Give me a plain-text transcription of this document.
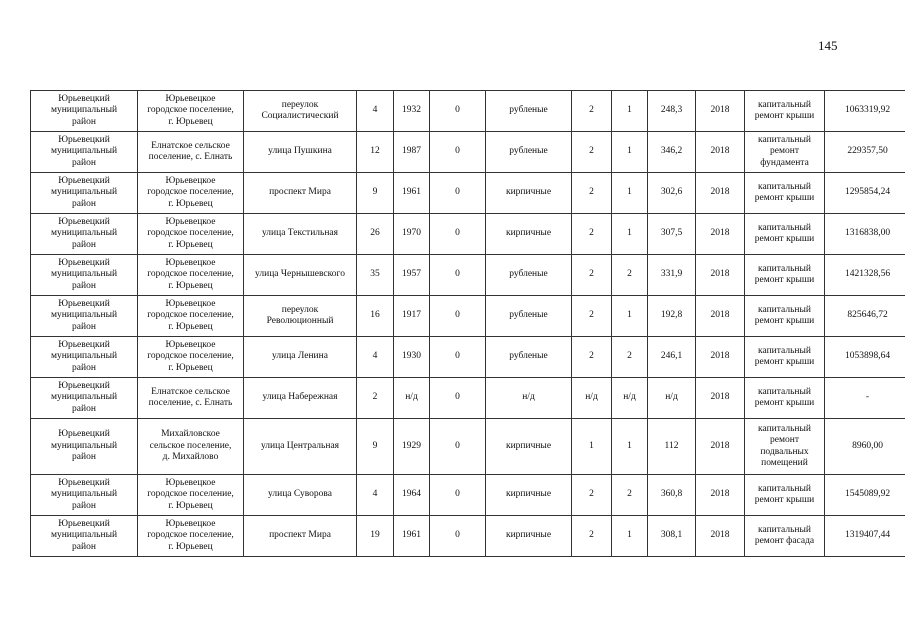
145
Юрьевецкий
муниципальный
район	Юрьевецкое
городское поселение,
г. Юрьевец	переулок
Социалистический	4	1932	0	рубленые	2	1	248,3	2018	капитальный
ремонт крыши	1063319,92

Юрьевецкий
муниципальный
район	Елнатское сельское
поселение, с. Елнать	улица Пушкина	12	1987	0	рубленые	2	1	346,2	2018	капитальный
ремонт
фундамента	229357,50

Юрьевецкий
муниципальный
район	Юрьевецкое
городское поселение,
г. Юрьевец	проспект Мира	9	1961	0	кирпичные	2	1	302,6	2018	капитальный
ремонт крыши	1295854,24

Юрьевецкий
муниципальный
район	Юрьевецкое
городское поселение,
г. Юрьевец	улица Текстильная	26	1970	0	кирпичные	2	1	307,5	2018	капитальный
ремонт крыши	1316838,00

Юрьевецкий
муниципальный
район	Юрьевецкое
городское поселение,
г. Юрьевец	улица Чернышевского	35	1957	0	рубленые	2	2	331,9	2018	капитальный
ремонт крыши	1421328,56

Юрьевецкий
муниципальный
район	Юрьевецкое
городское поселение,
г. Юрьевец	переулок
Революционный	16	1917	0	рубленые	2	1	192,8	2018	капитальный
ремонт крыши	825646,72

Юрьевецкий
муниципальный
район	Юрьевецкое
городское поселение,
г. Юрьевец	улица Ленина	4	1930	0	рубленые	2	2	246,1	2018	капитальный
ремонт крыши	1053898,64

Юрьевецкий
муниципальный
район	Елнатское сельское
поселение, с. Елнать	улица Набережная	2	н/д	0	н/д	н/д	н/д	н/д	2018	капитальный
ремонт крыши	-

Юрьевецкий
муниципальный
район	Михайловское
сельское поселение,
д. Михайлово	улица Центральная	9	1929	0	кирпичные	1	1	112	2018	капитальный
ремонт
подвальных
помещений	8960,00

Юрьевецкий
муниципальный
район	Юрьевецкое
городское поселение,
г. Юрьевец	улица Суворова	4	1964	0	кирпичные	2	2	360,8	2018	капитальный
ремонт крыши	1545089,92

Юрьевецкий
муниципальный
район	Юрьевецкое
городское поселение,
г. Юрьевец	проспект Мира	19	1961	0	кирпичные	2	1	308,1	2018	капитальный
ремонт фасада	1319407,44
